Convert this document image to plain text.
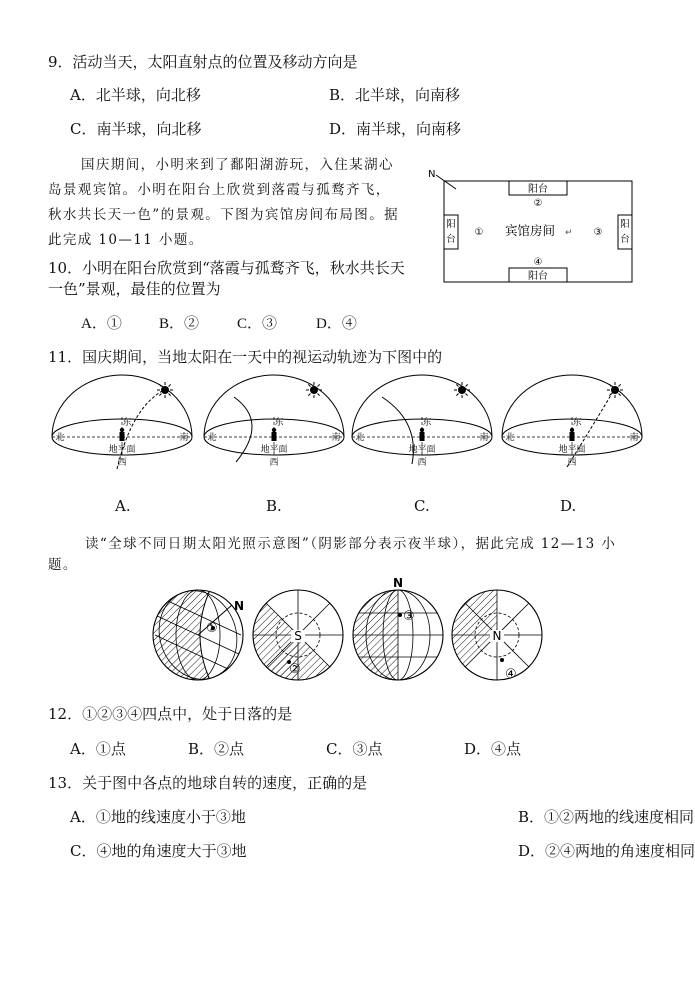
9．活动当天，太阳直射点的位置及移动方向是
A．北半球，向北移	B．北半球，向南移
C．南半球，向北移	D．南半球，向南移
国庆期间，小明来到了鄱阳湖游玩，入住某湖心
岛景观宾馆。小明在阳台上欣赏到落霞与孤鹜齐飞，
秋水共长天一色”的景观。下图为宾馆房间布局图。据
此完成 10—11 小题。
N
阳台
②
阳台
④
阳
台
①
阳
台
③
宾馆房间 ↵
10．小明在阳台欣赏到“落霞与孤鹜齐飞，秋水共长天
一色”景观，最佳的位置为
A．① B．②	C．③	D．④
11．国庆期间，当地太阳在一天中的视运动轨迹为下图中的
东
地平面
西
北	南
东
地平面
西
北	南
东
地平面
西
北	南
东
地平面
西
北	南
A.	B.	C.	D.
读“全球不同日期太阳光照示意图”（阴影部分表示夜半球），据此完成 12—13 小
题。
N
①	S
②
N
③
N
④
12．①②③④四点中，处于日落的是
A．①点	B．②点	C．③点	D．④点
13．关于图中各点的地球自转的速度，正确的是
A．①地的线速度小于③地	B．①②两地的线速度相同
C．④地的角速度大于③地	D．②④两地的角速度相同
